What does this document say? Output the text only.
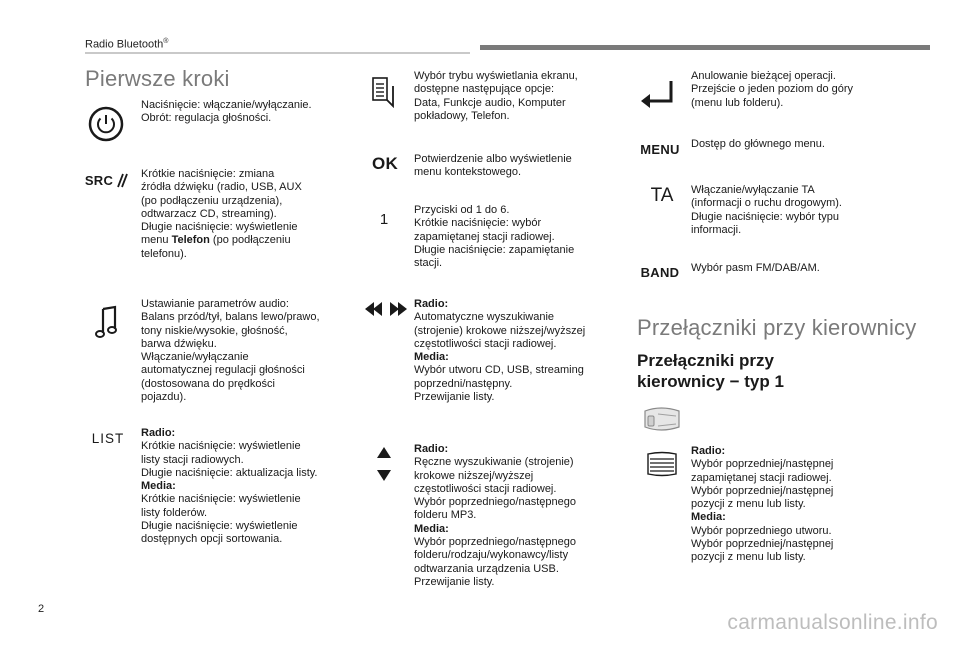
Radio Bluetooth®
Pierwsze kroki
Naciśnięcie: włączanie/wyłączanie.
Obrót: regulacja głośności.
SRC	Krótkie naciśnięcie: zmiana
źródła dźwięku (radio, USB, AUX
(po podłączeniu urządzenia),
odtwarzacz CD, streaming).
Długie naciśnięcie: wyświetlenie
menu Telefon (po podłączeniu
telefonu).
Ustawianie parametrów audio:
Balans przód/tył, balans lewo/prawo,
tony niskie/wysokie, głośność,
barwa dźwięku.
Włączanie/wyłączanie
automatycznej regulacji głośności
(dostosowana do prędkości
pojazdu).
LIST	Radio:
Krótkie naciśnięcie: wyświetlenie
listy stacji radiowych.
Długie naciśnięcie: aktualizacja listy.
Media:
Krótkie naciśnięcie: wyświetlenie
listy folderów.
Długie naciśnięcie: wyświetlenie
dostępnych opcji sortowania.
Wybór trybu wyświetlania ekranu,
dostępne następujące opcje:
Data, Funkcje audio, Komputer
pokładowy, Telefon.
OK	Potwierdzenie albo wyświetlenie
menu kontekstowego.
1
Przyciski od 1 do 6.
Krótkie naciśnięcie: wybór
zapamiętanej stacji radiowej.
Długie naciśnięcie: zapamiętanie
stacji.
Radio:
Automatyczne wyszukiwanie
(strojenie) krokowe niższej/wyższej
częstotliwości stacji radiowej.
Media:
Wybór utworu CD, USB, streaming
poprzedni/następny.
Przewijanie listy.
Radio:
Ręczne wyszukiwanie (strojenie)
krokowe niższej/wyższej
częstotliwości stacji radiowej.
Wybór poprzedniego/następnego
folderu MP3.
Media:
Wybór poprzedniego/następnego
folderu/rodzaju/wykonawcy/listy
odtwarzania urządzenia USB.
Przewijanie listy.
Anulowanie bieżącej operacji.
Przejście o jeden poziom do góry
(menu lub folderu).
MENU	Dostęp do głównego menu.
TA	Włączanie/wyłączanie TA
(informacji o ruchu drogowym).
Długie naciśnięcie: wybór typu
informacji.
BAND	Wybór pasm FM/DAB/AM.
Przełączniki przy kierownicy
Przełączniki przy
kierownicy − typ 1
Radio:
Wybór poprzedniej/następnej
zapamiętanej stacji radiowej.
Wybór poprzedniej/następnej
pozycji z menu lub listy.
Media:
Wybór poprzedniego utworu.
Wybór poprzedniej/następnej
pozycji z menu lub listy.
2
carmanualsonline.info
